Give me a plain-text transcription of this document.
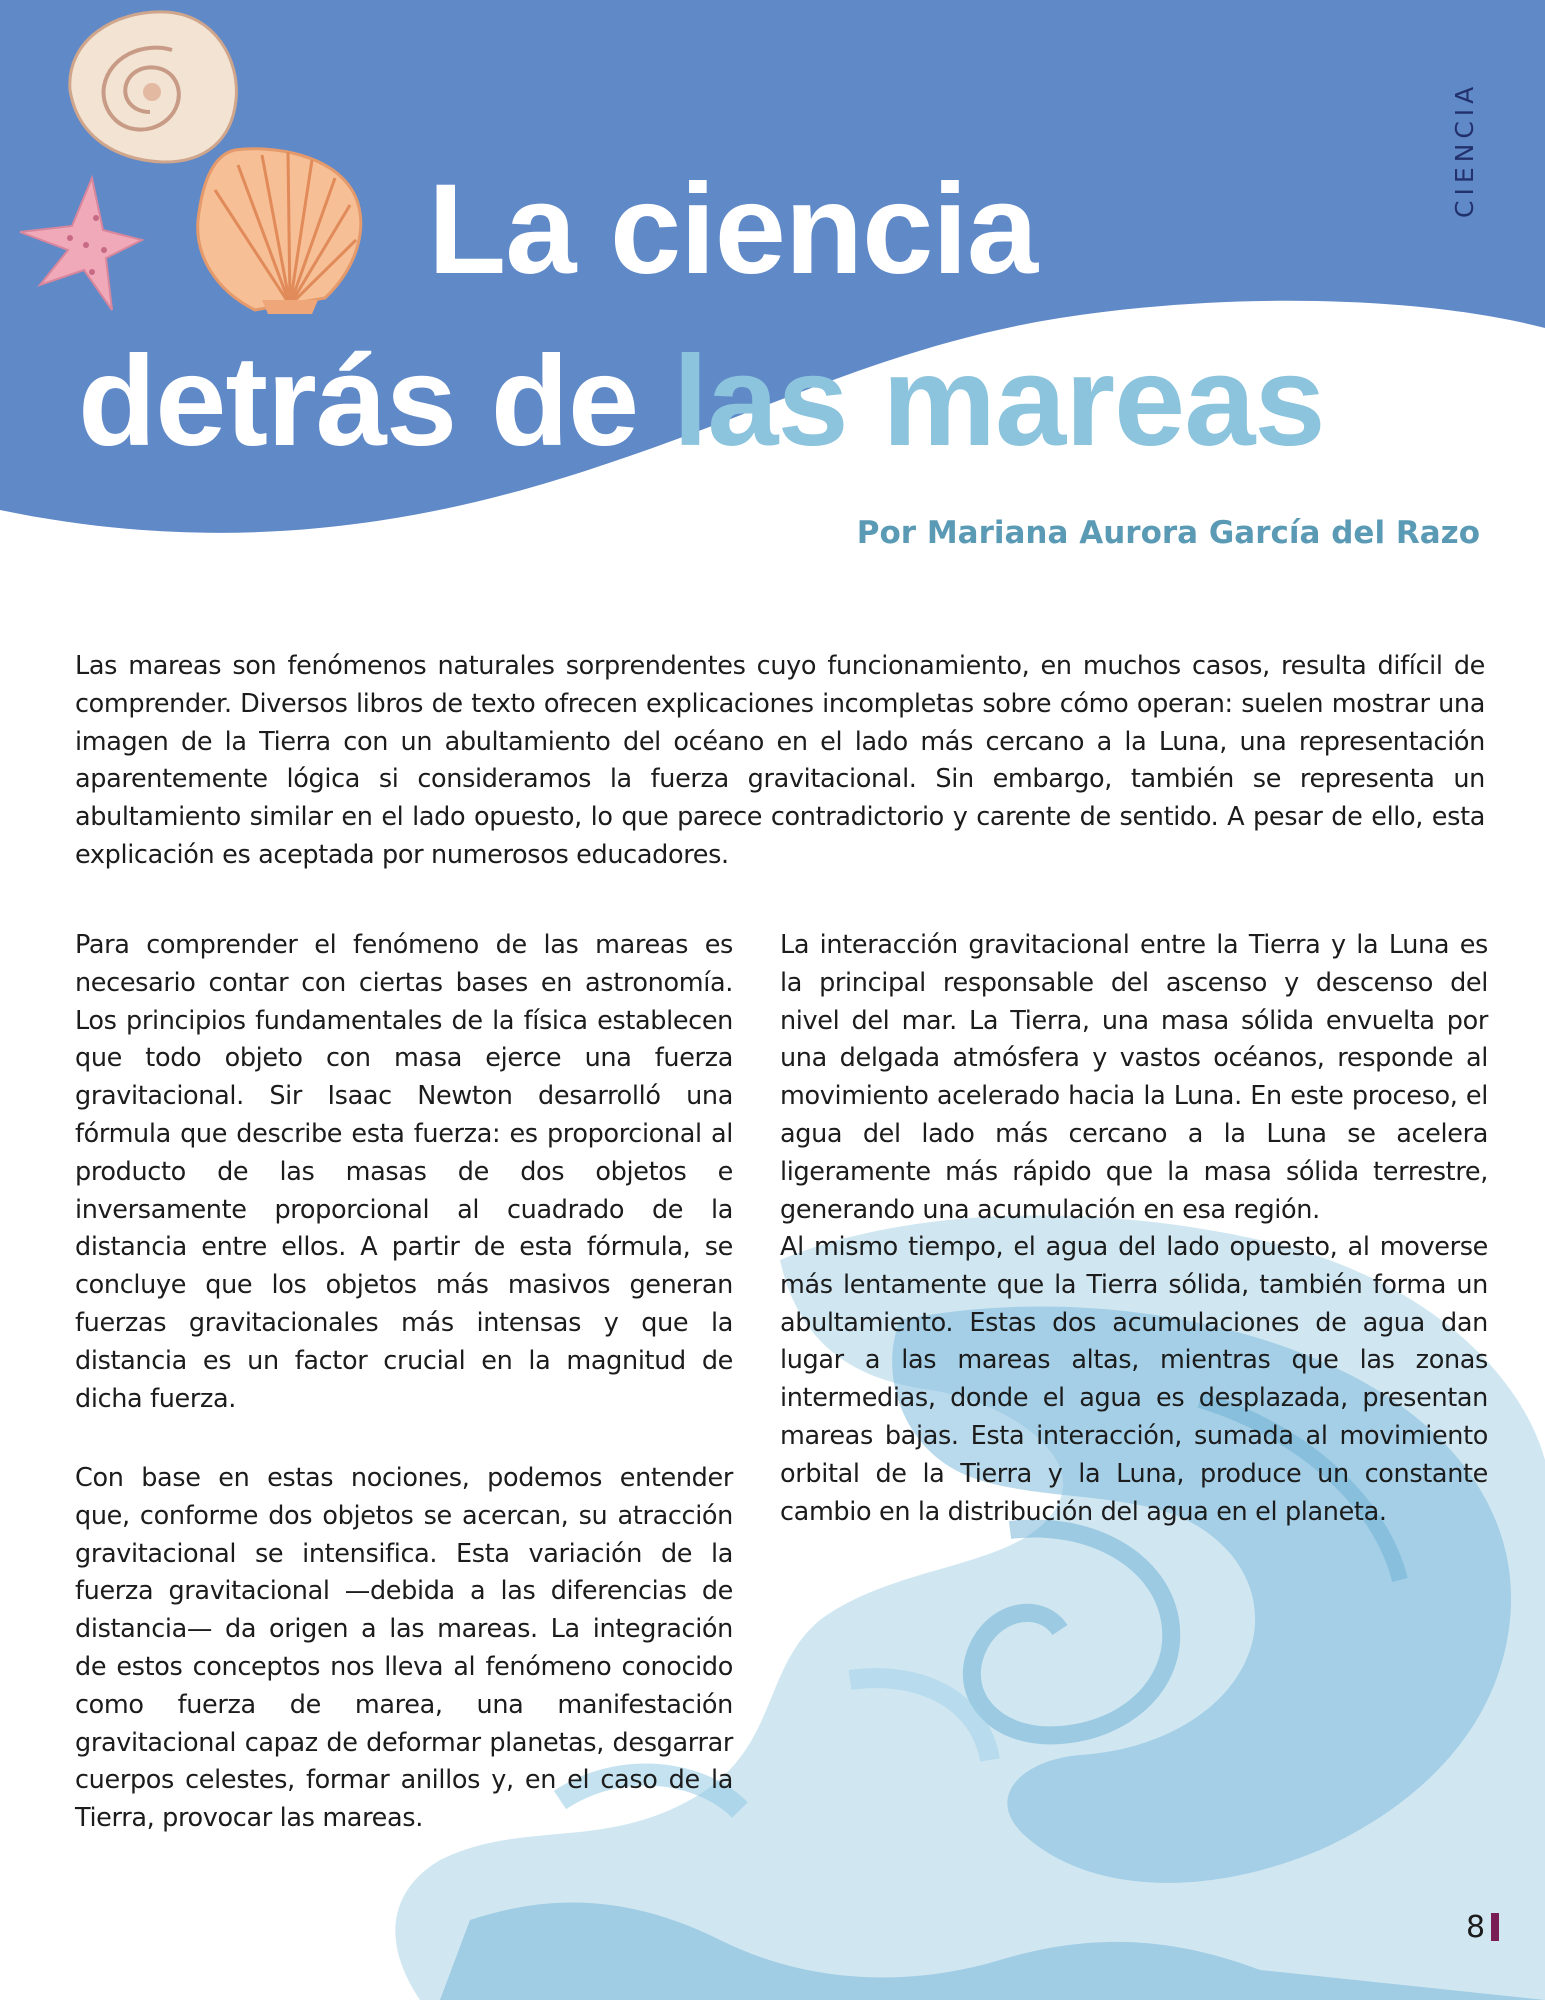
CIENCIA
La ciencia
detrás de las mareas
Por Mariana Aurora García del Razo

Las mareas son fenómenos naturales sorprendentes cuyo funcionamiento, en muchos casos, resulta difícil de comprender. Diversos libros de texto ofrecen explicaciones incompletas sobre cómo operan: suelen mostrar una imagen de la Tierra con un abultamiento del océano en el lado más cercano a la Luna, una representación aparentemente lógica si consideramos la fuerza gravitacional. Sin embargo, también se representa un abultamiento similar en el lado opuesto, lo que parece contradictorio y carente de sentido. A pesar de ello, esta explicación es aceptada por numerosos educadores.

Para comprender el fenómeno de las mareas es necesario contar con ciertas bases en astronomía. Los principios fundamentales de la física establecen que todo objeto con masa ejerce una fuerza gravitacional. Sir Isaac Newton desarrolló una fórmula que describe esta fuerza: es proporcional al producto de las masas de dos objetos e inversamente proporcional al cuadrado de la distancia entre ellos. A partir de esta fórmula, se concluye que los objetos más masivos generan fuerzas gravitacionales más intensas y que la distancia es un factor crucial en la magnitud de dicha fuerza.

Con base en estas nociones, podemos entender que, conforme dos objetos se acercan, su atracción gravitacional se intensifica. Esta variación de la fuerza gravitacional —debida a las diferencias de distancia— da origen a las mareas. La integración de estos conceptos nos lleva al fenómeno conocido como fuerza de marea, una manifestación gravitacional capaz de deformar planetas, desgarrar cuerpos celestes, formar anillos y, en el caso de la Tierra, provocar las mareas.

La interacción gravitacional entre la Tierra y la Luna es la principal responsable del ascenso y descenso del nivel del mar. La Tierra, una masa sólida envuelta por una delgada atmósfera y vastos océanos, responde al movimiento acelerado hacia la Luna. En este proceso, el agua del lado más cercano a la Luna se acelera ligeramente más rápido que la masa sólida terrestre, generando una acumulación en esa región.

Al mismo tiempo, el agua del lado opuesto, al moverse más lentamente que la Tierra sólida, también forma un abultamiento. Estas dos acumulaciones de agua dan lugar a las mareas altas, mientras que las zonas intermedias, donde el agua es desplazada, presentan mareas bajas. Esta interacción, sumada al movimiento orbital de la Tierra y la Luna, produce un constante cambio en la distribución del agua en el planeta.

8
